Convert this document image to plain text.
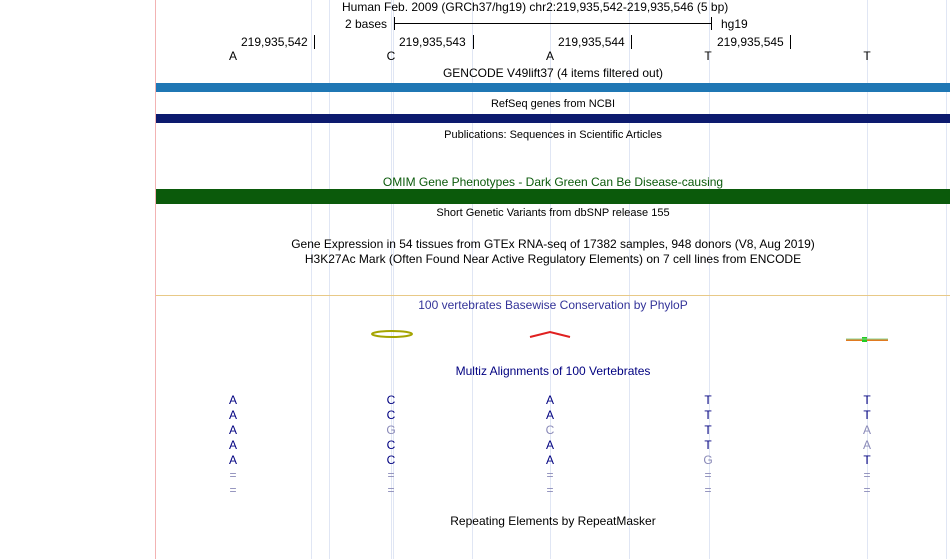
Human Feb. 2009 (GRCh37/hg19) chr2:219,935,542-219,935,546 (5 bp)
2 bases	hg19
219,935,542	219,935,543	219,935,544	219,935,545
A	C	A	T	T
GENCODE V49lift37 (4 items filtered out)
RefSeq genes from NCBI
Publications: Sequences in Scientific Articles
OMIM Gene Phenotypes - Dark Green Can Be Disease-causing
Short Genetic Variants from dbSNP release 155
Gene Expression in 54 tissues from GTEx RNA-seq of 17382 samples, 948 donors (V8, Aug 2019)
H3K27Ac Mark (Often Found Near Active Regulatory Elements) on 7 cell lines from ENCODE
100 vertebrates Basewise Conservation by PhyloP
Multiz Alignments of 100 Vertebrates
A	C	A	T	T
A	C	A	T	T
A	G	C	T	A
A	C	A	T	A
A	C	A	G	T
=	=	=	=	=
=	=	=	=	=
Repeating Elements by RepeatMasker
